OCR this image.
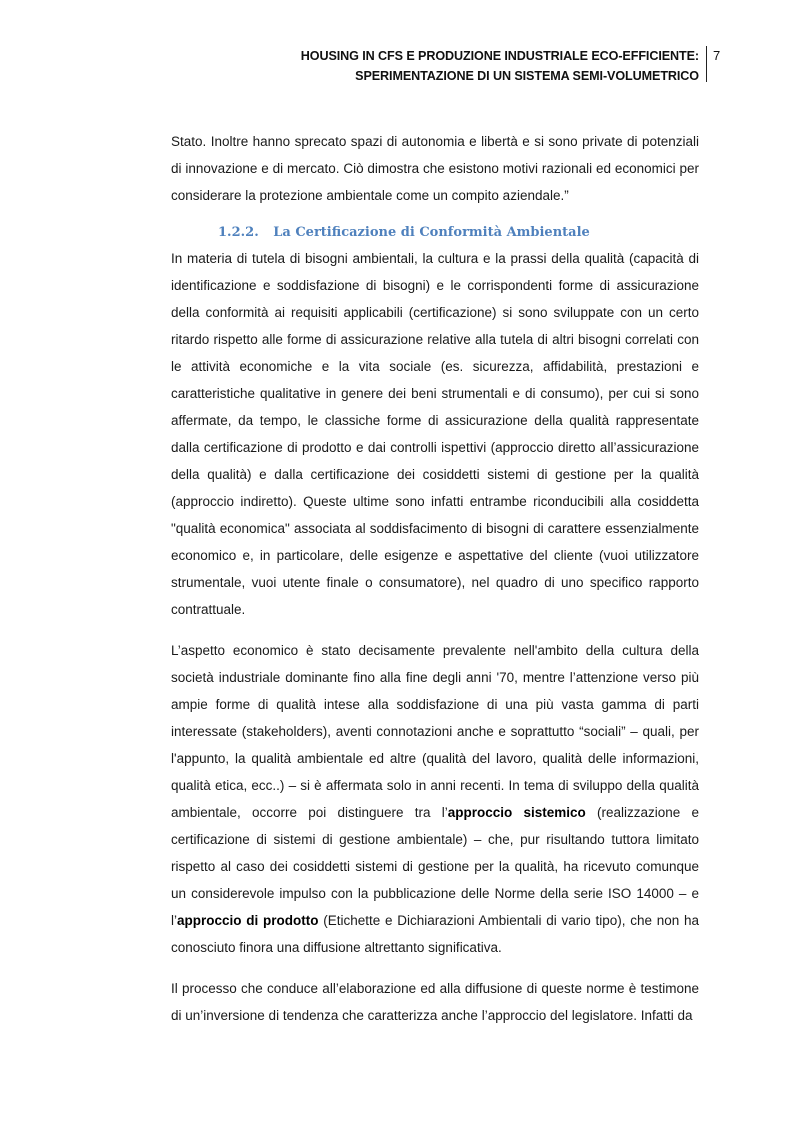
HOUSING IN CFS E PRODUZIONE INDUSTRIALE ECO-EFFICIENTE:
SPERIMENTAZIONE DI UN SISTEMA SEMI-VOLUMETRICO
7

Stato. Inoltre hanno sprecato spazi di autonomia e libertà e si sono private di potenziali di innovazione e di mercato. Ciò dimostra che esistono motivi razionali ed economici per considerare la protezione ambientale come un compito aziendale.”

1.2.2. La Certificazione di Conformità Ambientale

In materia di tutela di bisogni ambientali, la cultura e la prassi della qualità (capacità di identificazione e soddisfazione di bisogni) e le corrispondenti forme di assicurazione della conformità ai requisiti applicabili (certificazione) si sono sviluppate con un certo ritardo rispetto alle forme di assicurazione relative alla tutela di altri bisogni correlati con le attività economiche e la vita sociale (es. sicurezza, affidabilità, prestazioni e caratteristiche qualitative in genere dei beni strumentali e di consumo), per cui si sono affermate, da tempo, le classiche forme di assicurazione della qualità rappresentate dalla certificazione di prodotto e dai controlli ispettivi (approccio diretto all’assicurazione della qualità) e dalla certificazione dei cosiddetti sistemi di gestione per la qualità (approccio indiretto). Queste ultime sono infatti entrambe riconducibili alla cosiddetta "qualità economica" associata al soddisfacimento di bisogni di carattere essenzialmente economico e, in particolare, delle esigenze e aspettative del cliente (vuoi utilizzatore strumentale, vuoi utente finale o consumatore), nel quadro di uno specifico rapporto contrattuale.

L’aspetto economico è stato decisamente prevalente nell'ambito della cultura della società industriale dominante fino alla fine degli anni '70, mentre l’attenzione verso più ampie forme di qualità intese alla soddisfazione di una più vasta gamma di parti interessate (stakeholders), aventi connotazioni anche e soprattutto “sociali” – quali, per l'appunto, la qualità ambientale ed altre (qualità del lavoro, qualità delle informazioni, qualità etica, ecc..) – si è affermata solo in anni recenti. In tema di sviluppo della qualità ambientale, occorre poi distinguere tra l’approccio sistemico (realizzazione e certificazione di sistemi di gestione ambientale) – che, pur risultando tuttora limitato rispetto al caso dei cosiddetti sistemi di gestione per la qualità, ha ricevuto comunque un considerevole impulso con la pubblicazione delle Norme della serie ISO 14000 – e l’approccio di prodotto (Etichette e Dichiarazioni Ambientali di vario tipo), che non ha conosciuto finora una diffusione altrettanto significativa.

Il processo che conduce all’elaborazione ed alla diffusione di queste norme è testimone di un’inversione di tendenza che caratterizza anche l’approccio del legislatore. Infatti da
